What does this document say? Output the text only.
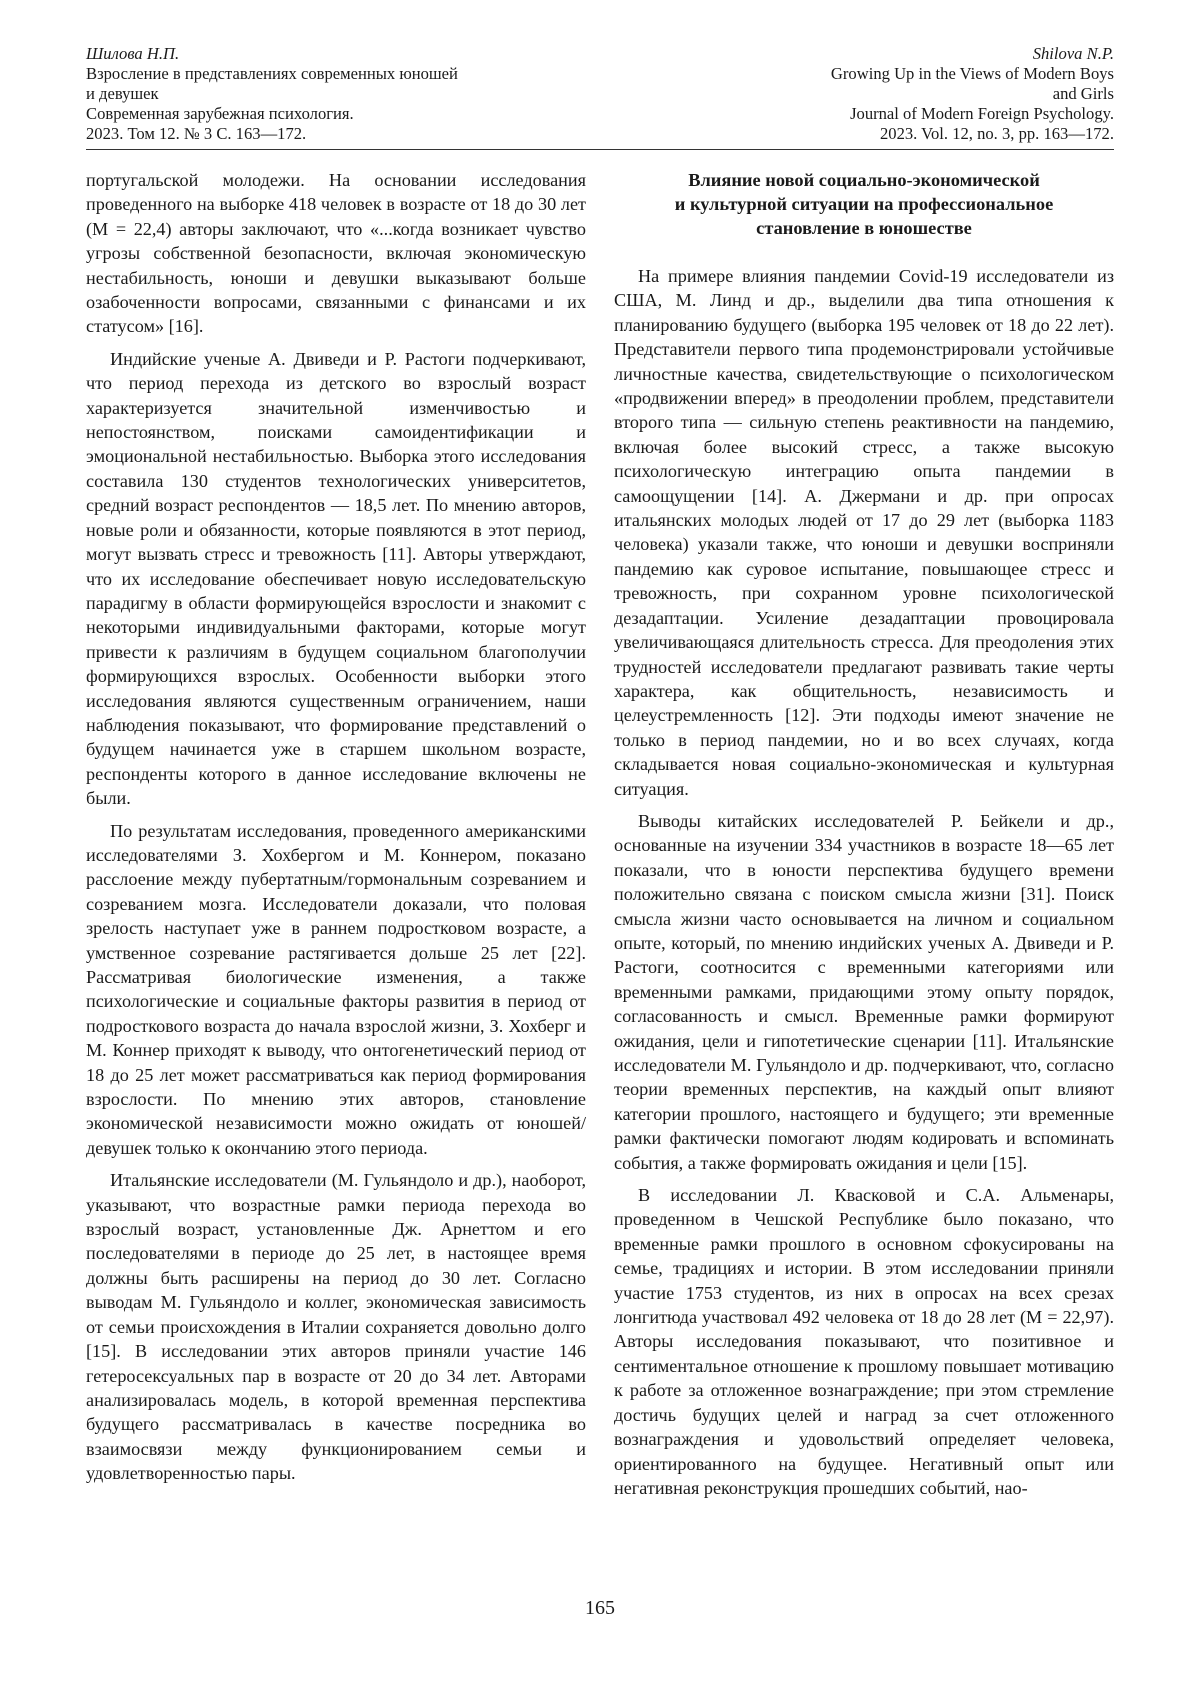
Шилова Н.П.
Взросление в представлениях современных юношей
и девушек
Современная зарубежная психология.
2023. Том 12. № 3 С. 163—172.
Shilova N.P.
Growing Up in the Views of Modern Boys
and Girls
Journal of Modern Foreign Psychology.
2023. Vol. 12, no. 3, pp. 163—172.

португальской молодежи. На основании исследования проведенного на выборке 418 человек в возрасте от 18 до 30 лет (M = 22,4) авторы заключают, что «...когда возникает чувство угрозы собственной безопасности, включая экономическую нестабильность, юноши и девушки выказывают больше озабоченности вопросами, связанными с финансами и их статусом» [16].

Индийские ученые А. Двиведи и Р. Растоги подчеркивают, что период перехода из детского во взрослый возраст характеризуется значительной изменчивостью и непостоянством, поисками самоидентификации и эмоциональной нестабильностью. Выборка этого исследования составила 130 студентов технологических университетов, средний возраст респондентов — 18,5 лет. По мнению авторов, новые роли и обязанности, которые появляются в этот период, могут вызвать стресс и тревожность [11]. Авторы утверждают, что их исследование обеспечивает новую исследовательскую парадигму в области формирующейся взрослости и знакомит с некоторыми индивидуальными факторами, которые могут привести к различиям в будущем социальном благополучии формирующихся взрослых. Особенности выборки этого исследования являются существенным ограничением, наши наблюдения показывают, что формирование представлений о будущем начинается уже в старшем школьном возрасте, респонденты которого в данное исследование включены не были.

По результатам исследования, проведенного американскими исследователями З. Хохбергом и М. Коннером, показано расслоение между пубертатным/гормональным созреванием и созреванием мозга. Исследователи доказали, что половая зрелость наступает уже в раннем подростковом возрасте, а умственное созревание растягивается дольше 25 лет [22]. Рассматривая биологические изменения, а также психологические и социальные факторы развития в период от подросткового возраста до начала взрослой жизни, З. Хохберг и М. Коннер приходят к выводу, что онтогенетический период от 18 до 25 лет может рассматриваться как период формирования взрослости. По мнению этих авторов, становление экономической независимости можно ожидать от юношей/девушек только к окончанию этого периода.

Итальянские исследователи (М. Гульяндоло и др.), наоборот, указывают, что возрастные рамки периода перехода во взрослый возраст, установленные Дж. Арнеттом и его последователями в периоде до 25 лет, в настоящее время должны быть расширены на период до 30 лет. Согласно выводам М. Гульяндоло и коллег, экономическая зависимость от семьи происхождения в Италии сохраняется довольно долго [15]. В исследовании этих авторов приняли участие 146 гетеросексуальных пар в возрасте от 20 до 34 лет. Авторами анализировалась модель, в которой временная перспектива будущего рассматривалась в качестве посредника во взаимосвязи между функционированием семьи и удовлетворенностью пары.

Влияние новой социально-экономической
и культурной ситуации на профессиональное
становление в юношестве

На примере влияния пандемии Covid-19 исследователи из США, М. Линд и др., выделили два типа отношения к планированию будущего (выборка 195 человек от 18 до 22 лет). Представители первого типа продемонстрировали устойчивые личностные качества, свидетельствующие о психологическом «продвижении вперед» в преодолении проблем, представители второго типа — сильную степень реактивности на пандемию, включая более высокий стресс, а также высокую психологическую интеграцию опыта пандемии в самоощущении [14]. А. Джермани и др. при опросах итальянских молодых людей от 17 до 29 лет (выборка 1183 человека) указали также, что юноши и девушки восприняли пандемию как суровое испытание, повышающее стресс и тревожность, при сохранном уровне психологической дезадаптации. Усиление дезадаптации провоцировала увеличивающаяся длительность стресса. Для преодоления этих трудностей исследователи предлагают развивать такие черты характера, как общительность, независимость и целеустремленность [12]. Эти подходы имеют значение не только в период пандемии, но и во всех случаях, когда складывается новая социально-экономическая и культурная ситуация.

Выводы китайских исследователей Р. Бейкели и др., основанные на изучении 334 участников в возрасте 18—65 лет показали, что в юности перспектива будущего времени положительно связана с поиском смысла жизни [31]. Поиск смысла жизни часто основывается на личном и социальном опыте, который, по мнению индийских ученых А. Двиведи и Р. Растоги, соотносится с временными категориями или временными рамками, придающими этому опыту порядок, согласованность и смысл. Временные рамки формируют ожидания, цели и гипотетические сценарии [11]. Итальянские исследователи М. Гульяндоло и др. подчеркивают, что, согласно теории временных перспектив, на каждый опыт влияют категории прошлого, настоящего и будущего; эти временные рамки фактически помогают людям кодировать и вспоминать события, а также формировать ожидания и цели [15].

В исследовании Л. Квасковой и С.А. Альменары, проведенном в Чешской Республике было показано, что временные рамки прошлого в основном сфокусированы на семье, традициях и истории. В этом исследовании приняли участие 1753 студентов, из них в опросах на всех срезах лонгитюда участвовал 492 человека от 18 до 28 лет (M = 22,97). Авторы исследования показывают, что позитивное и сентиментальное отношение к прошлому повышает мотивацию к работе за отложенное вознаграждение; при этом стремление достичь будущих целей и наград за счет отложенного вознаграждения и удовольствий определяет человека, ориентированного на будущее. Негативный опыт или негативная реконструкция прошедших событий, нао-

165
